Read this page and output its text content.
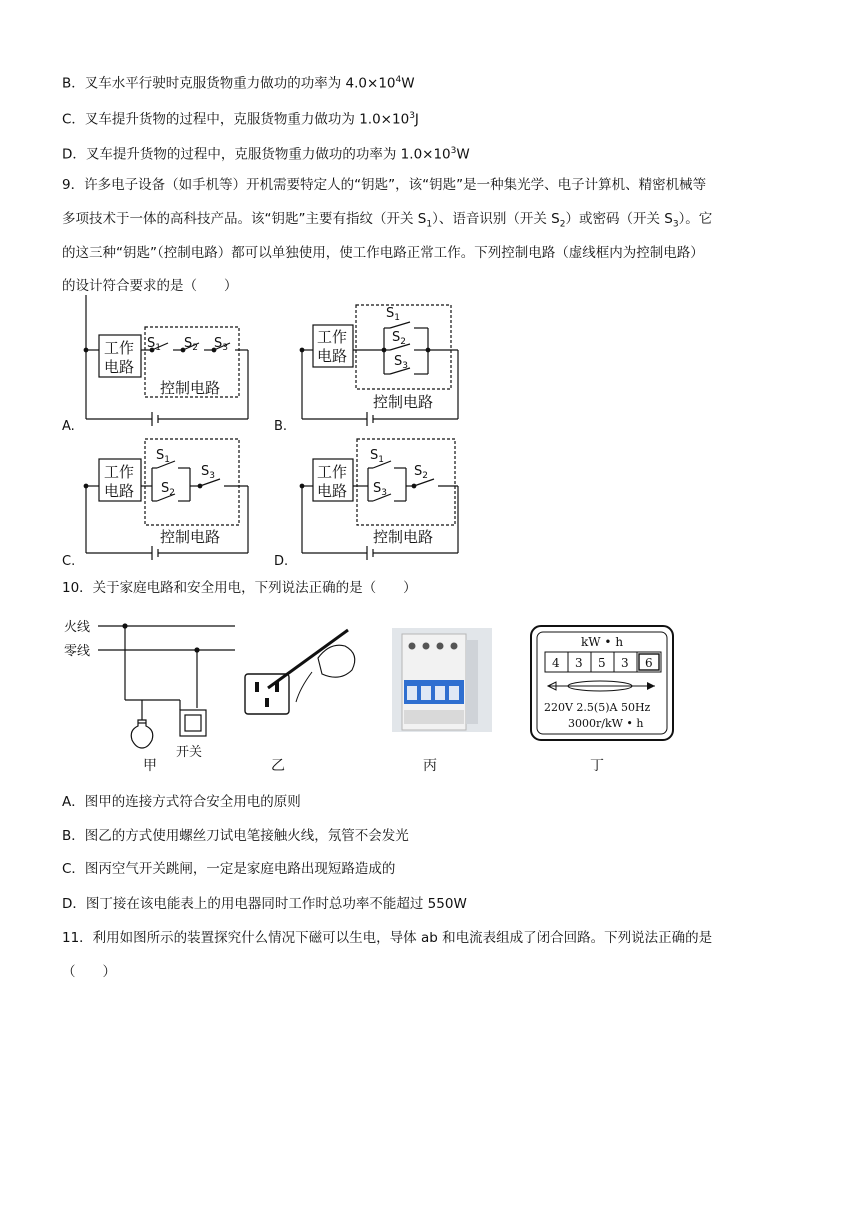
B．叉车水平行驶时克服货物重力做功的功率为 $4.0\times 10^4W$
C．叉车提升货物的过程中，克服货物重力做功为 $1.0\times 10^3J$
D．叉车提升货物的过程中，克服货物重力做功的功率为 $1.0\times 10^3W$
9．许多电子设备（如手机等）开机需要特定人的“钥匙”，该“钥匙”是一种集光学、电子计算机、精密机械等
多项技术于一体的高科技产品。该“钥匙”主要有指纹（开关 $S_1$）、语音识别（开关 $S_2$）或密码（开关 $S_3$）。它
的这三种“钥匙”（控制电路）都可以单独使用，使工作电路正常工作。下列控制电路（虚线框内为控制电路）
的设计符合要求的是（　　）
工作
电路
控制电路
工作
电路
控制电路
工作
电路
控制电路
工作
电路
控制电路
$S_1$ $S_2$ $S_3$
$S_1$
$S_2$
$S_3$
$S_1$
$S_2$
$S_3$
$S_1$
$S_3$
$S_2$
A.	B.
C.	D.
10．关于家庭电路和安全用电，下列说法正确的是（　　）
火线
零线
开关
kW • h
4 3 5 3 6
220V 2.5(5)A 50Hz
3000r/kW • h
甲	乙	丙	丁
A．图甲的连接方式符合安全用电的原则
B．图乙的方式使用螺丝刀试电笔接触火线，氖管不会发光
C．图丙空气开关跳闸，一定是家庭电路出现短路造成的
D．图丁接在该电能表上的用电器同时工作时总功率不能超过 550W
11．利用如图所示的装置探究什么情况下磁可以生电，导体 ab 和电流表组成了闭合回路。下列说法正确的是
（　　）
